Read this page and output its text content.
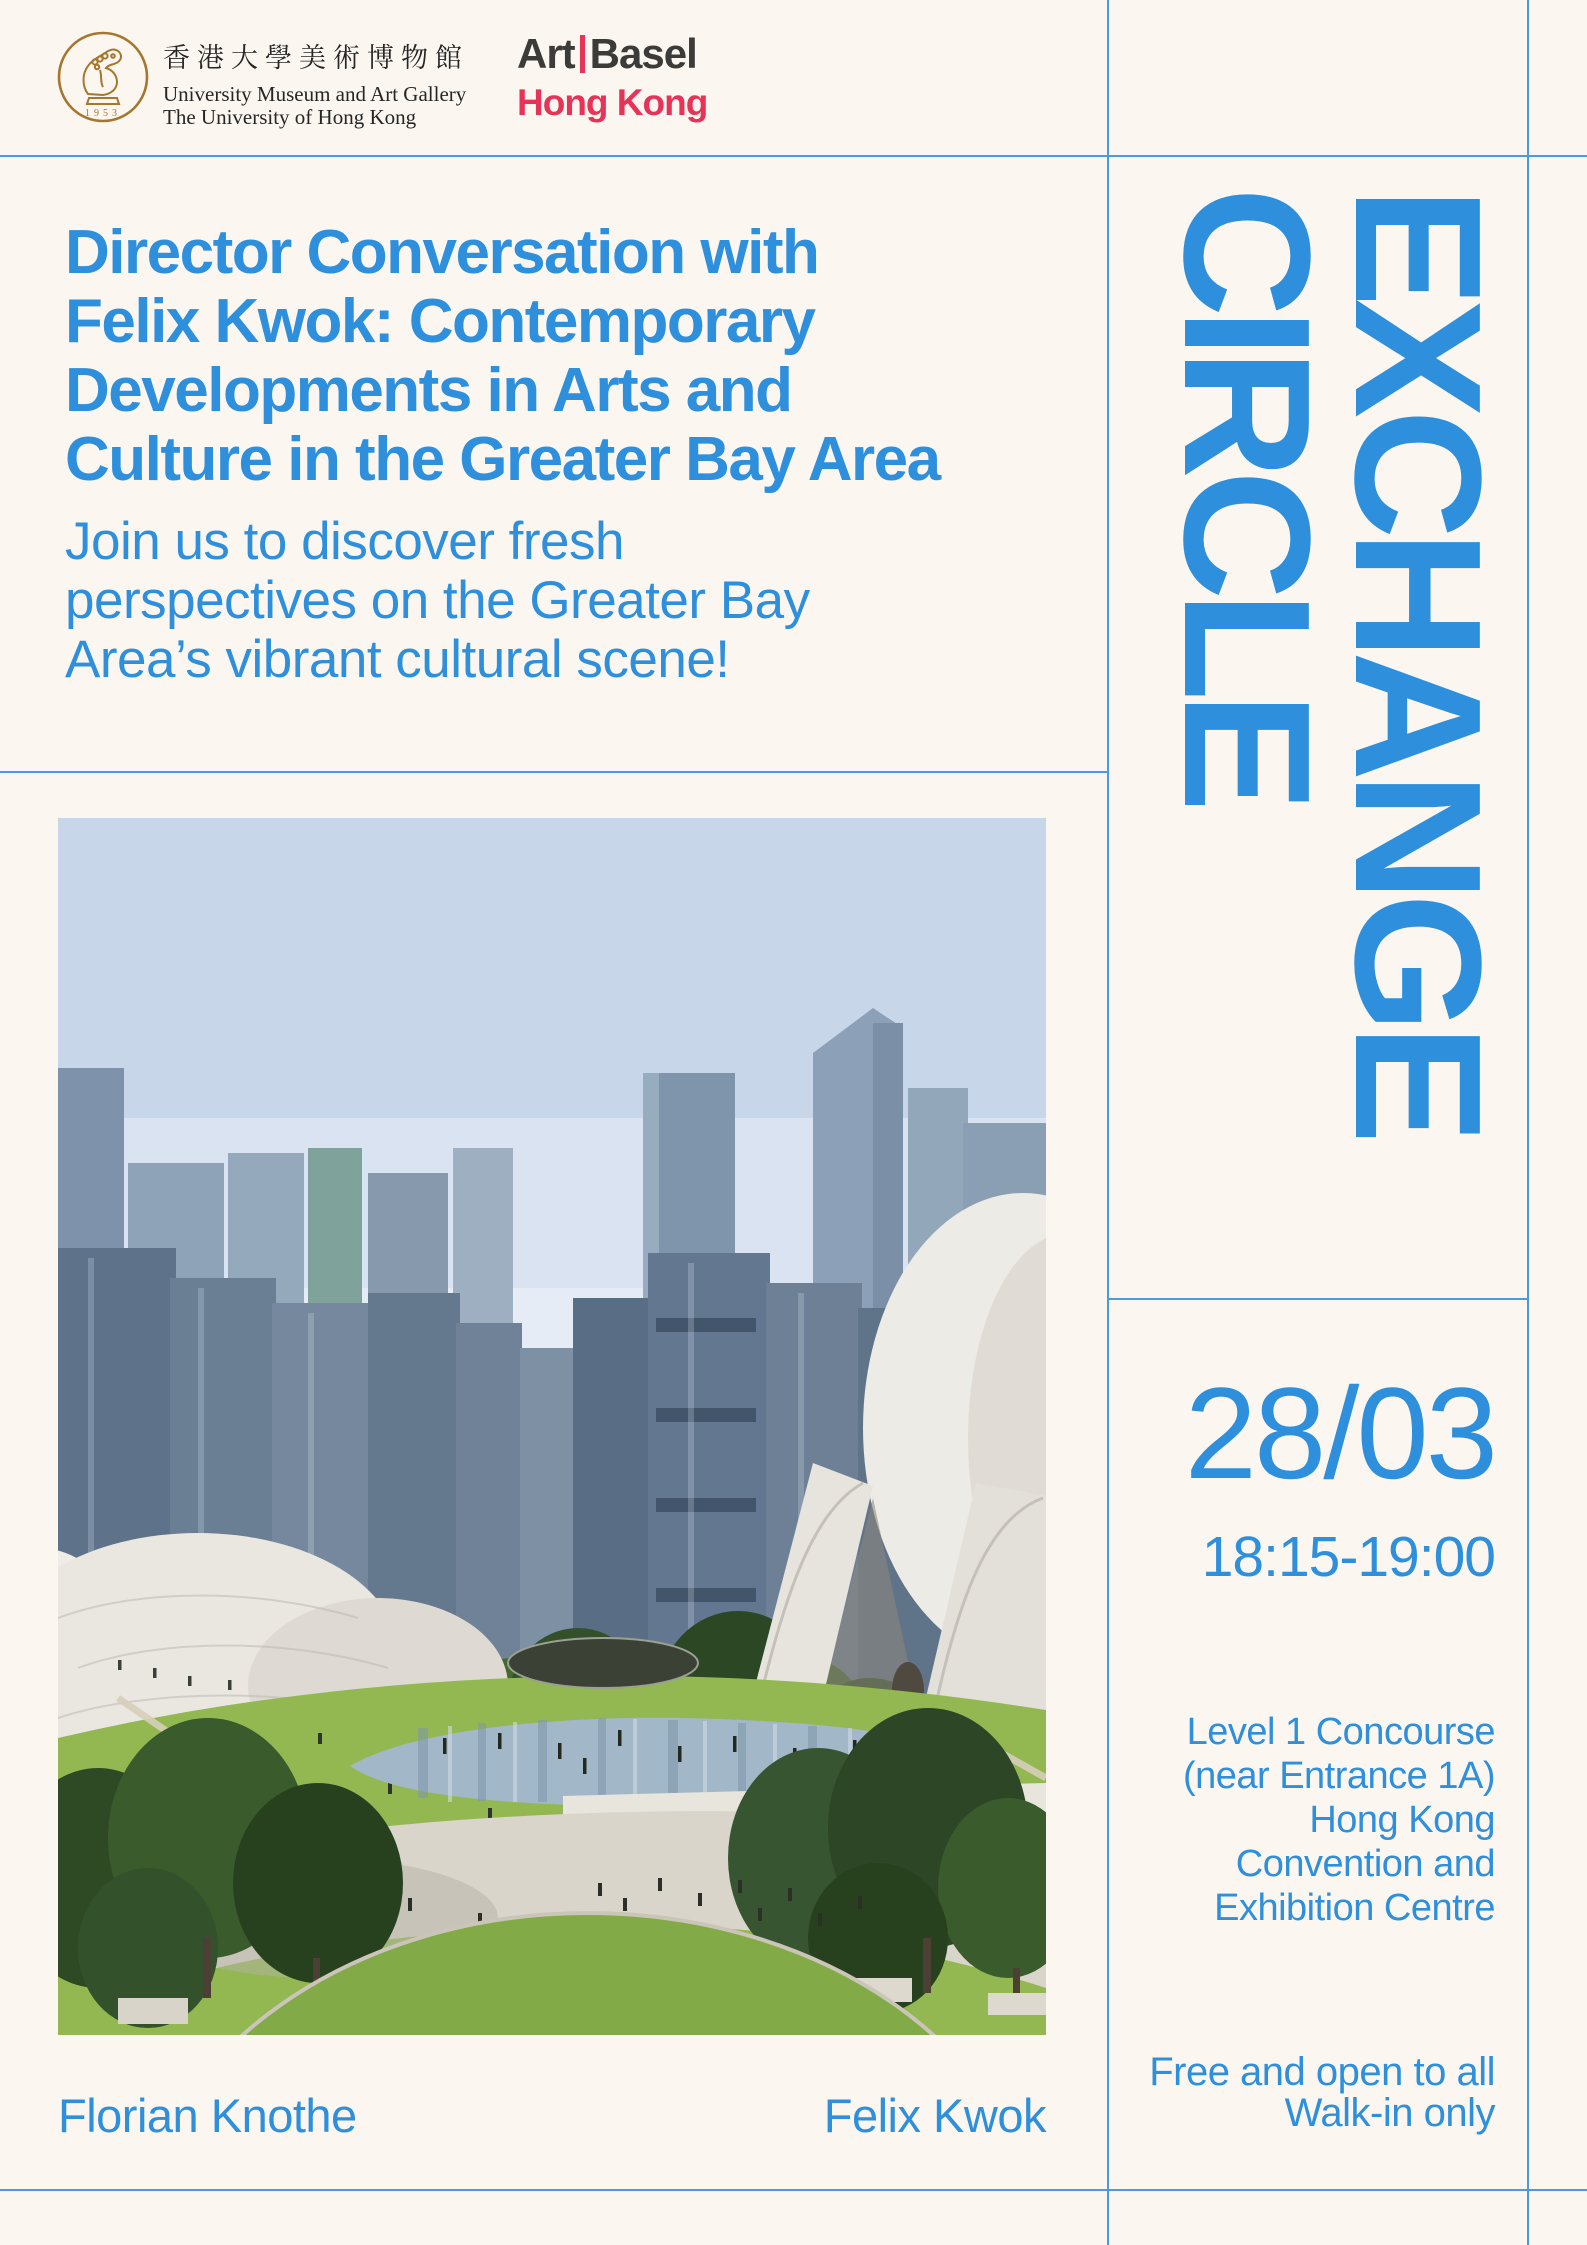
1953
香港大學美術博物館
University Museum and Art Gallery
The University of Hong Kong
Art Basel
Hong Kong
Director Conversation with
Felix Kwok: Contemporary
Developments in Arts and
Culture in the Greater Bay Area
Join us to discover fresh
perspectives on the Greater Bay
Area’s vibrant cultural scene!
Florian Knothe	Felix Kwok
EXCHANGE
CIRCLE
28/03
18:15-19:00
Level 1 Concourse
(near Entrance 1A)
Hong Kong
Convention and
Exhibition Centre
Free and open to all
Walk-in only
